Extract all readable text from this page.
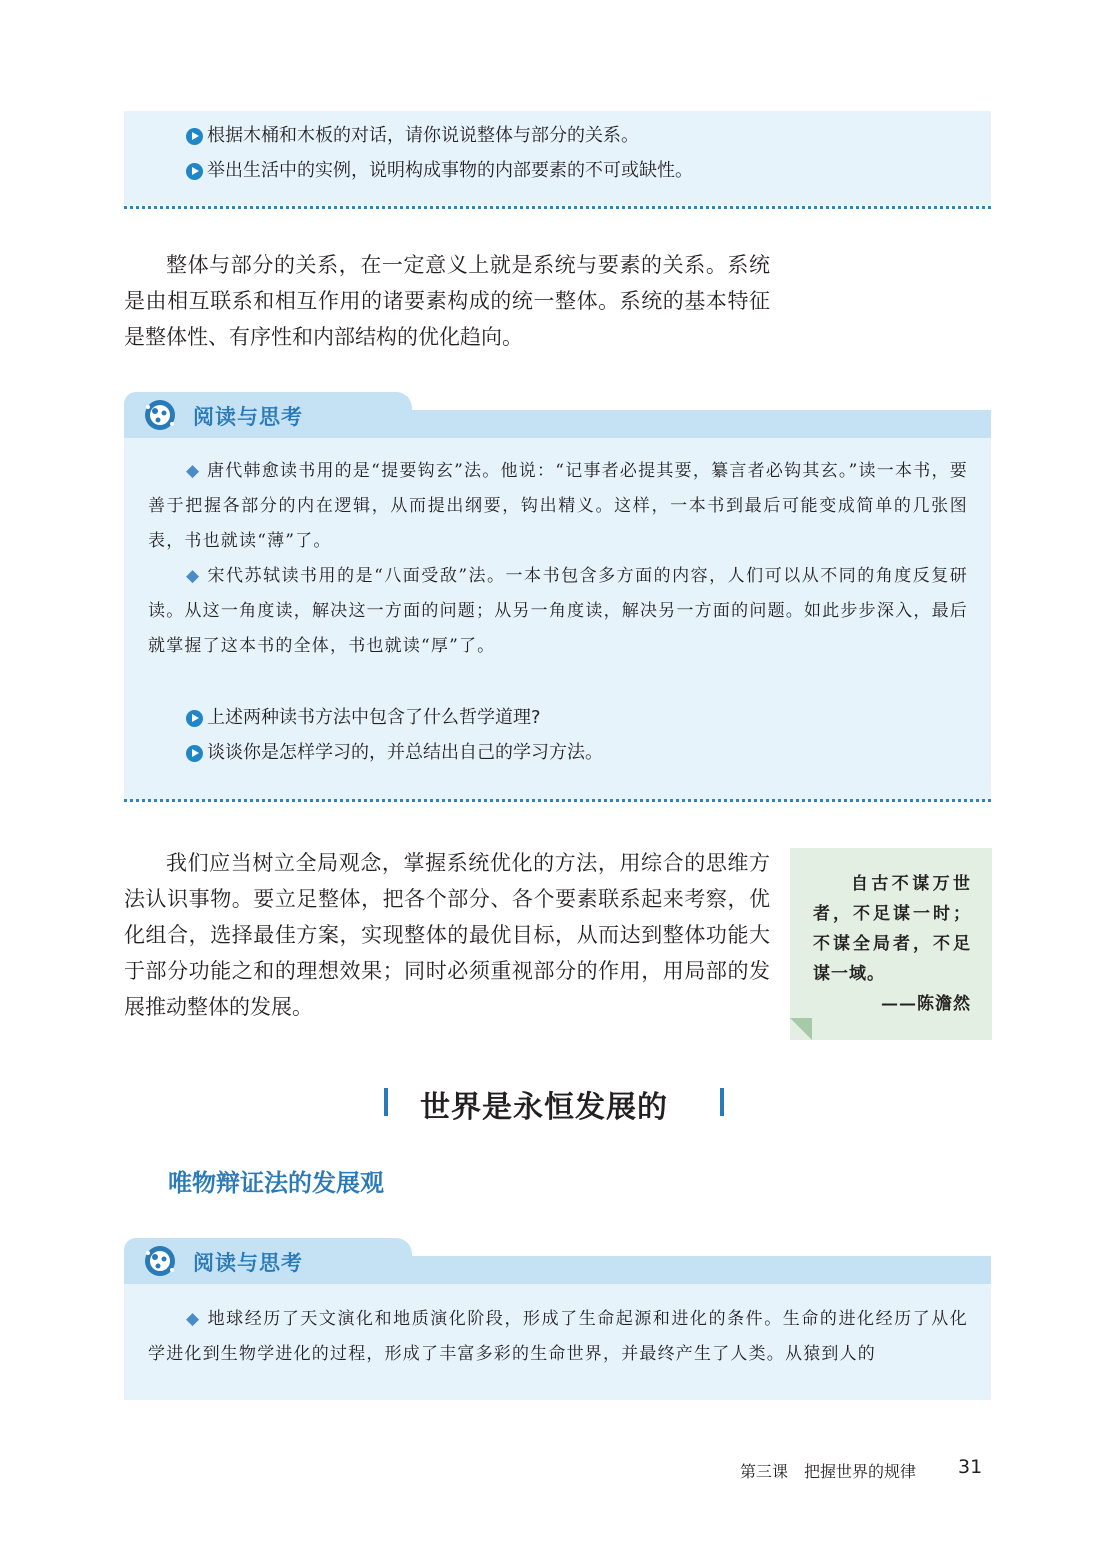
根据木桶和木板的对话，请你说说整体与部分的关系。
举出生活中的实例，说明构成事物的内部要素的不可或缺性。
整体与部分的关系，在一定意义上就是系统与要素的关系。系统是由相互联系和相互作用的诸要素构成的统一整体。系统的基本特征是整体性、有序性和内部结构的优化趋向。
阅读与思考
◆ 唐代韩愈读书用的是“提要钩玄”法。他说：“记事者必提其要，纂言者必钩其玄。”读一本书，要善于把握各部分的内在逻辑，从而提出纲要，钩出精义。这样，一本书到最后可能变成简单的几张图表，书也就读“薄”了。
◆ 宋代苏轼读书用的是“八面受敌”法。一本书包含多方面的内容，人们可以从不同的角度反复研读。从这一角度读，解决这一方面的问题；从另一角度读，解决另一方面的问题。如此步步深入，最后就掌握了这本书的全体，书也就读“厚”了。
上述两种读书方法中包含了什么哲学道理?
谈谈你是怎样学习的，并总结出自己的学习方法。
我们应当树立全局观念，掌握系统优化的方法，用综合的思维方法认识事物。要立足整体，把各个部分、各个要素联系起来考察，优化组合，选择最佳方案，实现整体的最优目标，从而达到整体功能大于部分功能之和的理想效果；同时必须重视部分的作用，用局部的发展推动整体的发展。
自古不谋万世者，不足谋一时；不谋全局者，不足谋一域。
——陈澹然
世界是永恒发展的
唯物辩证法的发展观
阅读与思考
◆ 地球经历了天文演化和地质演化阶段，形成了生命起源和进化的条件。生命的进化经历了从化学进化到生物学进化的过程，形成了丰富多彩的生命世界，并最终产生了人类。从猿到人的
第三课　把握世界的规律 31
